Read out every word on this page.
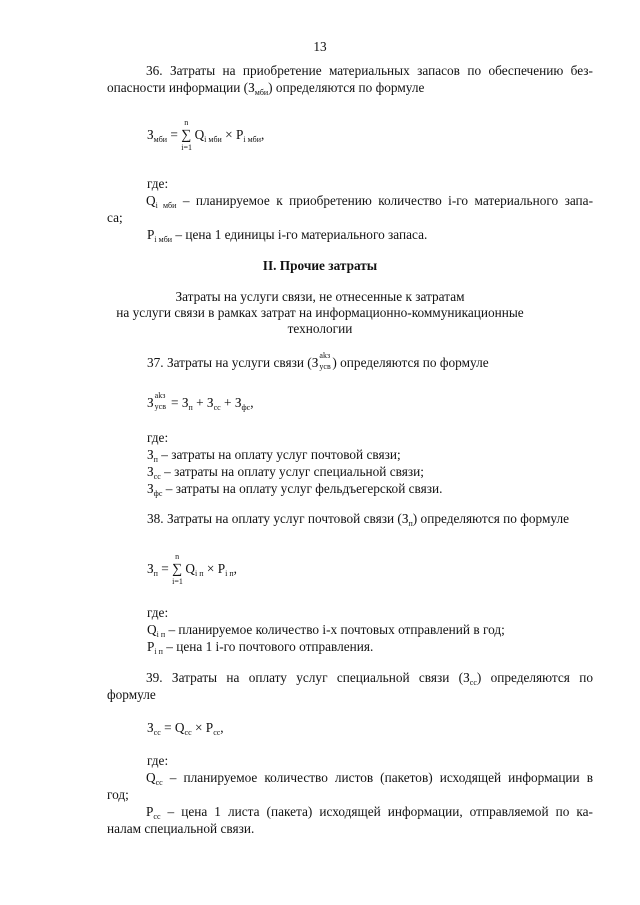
13
36. Затраты на приобретение материальных запасов по обеспечению без-
опасности информации $(З_{мби})$ определяются по формуле
$З_{мби}$ =
n
∑
i=1
$Q_{i мби} \times P_{i мби}$,
где:
$Q_{i мби}$ – планируемое к приобретению количество i-го материального запа-
са;
$P_{i мби}$ – цена 1 единицы i-го материального запаса.
II. Прочие затраты
Затраты на услуги связи, не отнесенные к затратам
на услуги связи в рамках затрат на информационно-коммуникационные
технологии
37. Затраты на услуги связи (З аkз
усв ) определяются по формуле
З аkз
усв = $З_п + З_{сс} + З_{фс}$,
где:
$З_п$ – затраты на оплату услуг почтовой связи;
$З_{сс}$ – затраты на оплату услуг специальной связи;
$З_{фс}$ – затраты на оплату услуг фельдъегерской связи.
38. Затраты на оплату услуг почтовой связи $(З_п)$ определяются по формуле
$З_п$ =
n
∑
i=1
$Q_{i п} \times P_{i п}$,
где:
$Q_{i п}$ – планируемое количество i-х почтовых отправлений в год;
$P_{i п}$ – цена 1 i-го почтового отправления.
39. Затраты на оплату услуг специальной связи $(З_{сс})$ определяются по
формуле
$З_{сс} = Q_{сс} \times P_{сс}$,
где:
$Q_{сс}$ – планируемое количество листов (пакетов) исходящей информации в
год;
$P_{сс}$ – цена 1 листа (пакета) исходящей информации, отправляемой по ка-
налам специальной связи.
